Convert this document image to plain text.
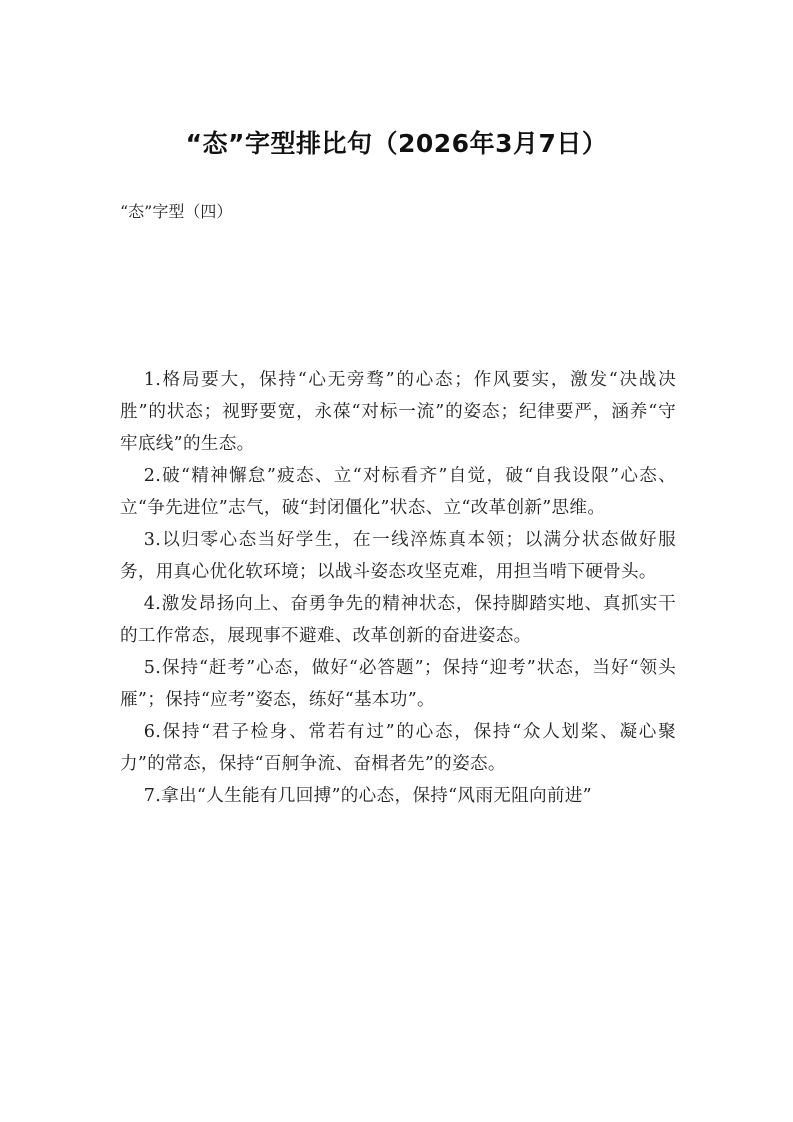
“态”字型排比句（2026年3月7日）
“态”字型（四）

1.格局要大，保持“心无旁骛”的心态；作风要实，激发“决战决胜”的状态；视野要宽，永葆“对标一流”的姿态；纪律要严，涵养“守牢底线”的生态。

2.破“精神懈怠”疲态、立“对标看齐”自觉，破“自我设限”心态、立“争先进位”志气，破“封闭僵化”状态、立“改革创新”思维。

3.以归零心态当好学生，在一线淬炼真本领；以满分状态做好服务，用真心优化软环境；以战斗姿态攻坚克难，用担当啃下硬骨头。

4.激发昂扬向上、奋勇争先的精神状态，保持脚踏实地、真抓实干的工作常态，展现事不避难、改革创新的奋进姿态。

5.保持“赶考”心态，做好“必答题”；保持“迎考”状态，当好“领头雁”；保持“应考”姿态，练好“基本功”。

6.保持“君子检身、常若有过”的心态，保持“众人划桨、凝心聚力”的常态，保持“百舸争流、奋楫者先”的姿态。

7.拿出“人生能有几回搏”的心态，保持“风雨无阻向前进”
